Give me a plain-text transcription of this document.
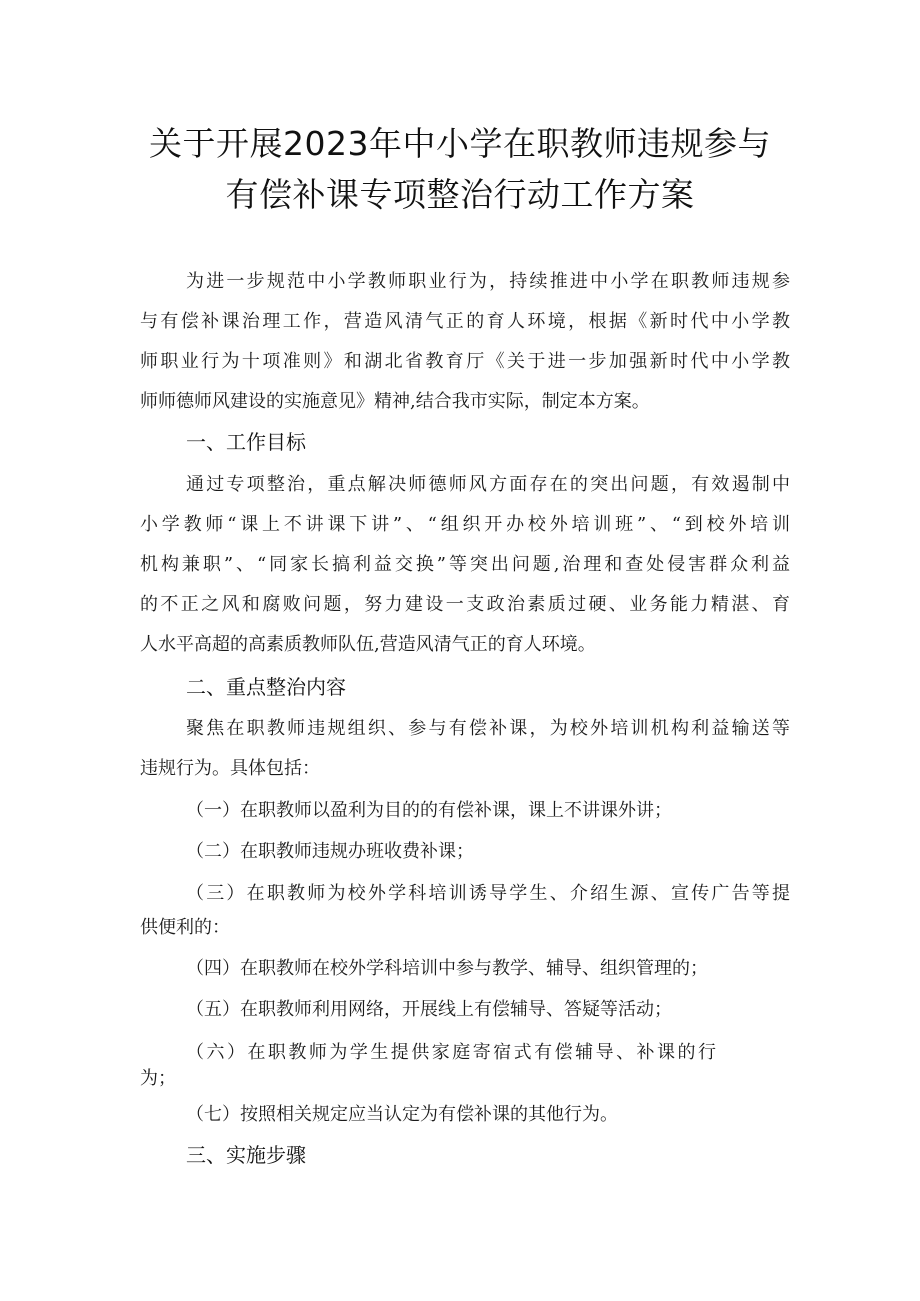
关于开展2023年中小学在职教师违规参与
有偿补课专项整治行动工作方案
为进一步规范中小学教师职业行为，持续推进中小学在职教师违规参
与有偿补课治理工作，营造风清气正的育人环境，根据《新时代中小学教
师职业行为十项准则》和湖北省教育厅《关于进一步加强新时代中小学教
师师德师风建设的实施意见》精神,结合我市实际，制定本方案。
一、工作目标
通过专项整治，重点解决师德师风方面存在的突出问题，有效遏制中
小学教师“课上不讲课下讲”、“组织开办校外培训班”、“到校外培训
机构兼职”、“同家长搞利益交换”等突出问题,治理和查处侵害群众利益
的不正之风和腐败问题，努力建设一支政治素质过硬、业务能力精湛、育
人水平高超的高素质教师队伍,营造风清气正的育人环境。
二、重点整治内容
聚焦在职教师违规组织、参与有偿补课，为校外培训机构利益输送等
违规行为。具体包括：
（一）在职教师以盈利为目的的有偿补课，课上不讲课外讲；
（二）在职教师违规办班收费补课；
（三）在职教师为校外学科培训诱导学生、介绍生源、宣传广告等提
供便利的：
（四）在职教师在校外学科培训中参与教学、辅导、组织管理的；
（五）在职教师利用网络，开展线上有偿辅导、答疑等活动；
（六）在职教师为学生提供家庭寄宿式有偿辅导、补课的行
为；
（七）按照相关规定应当认定为有偿补课的其他行为。
三、实施步骤
